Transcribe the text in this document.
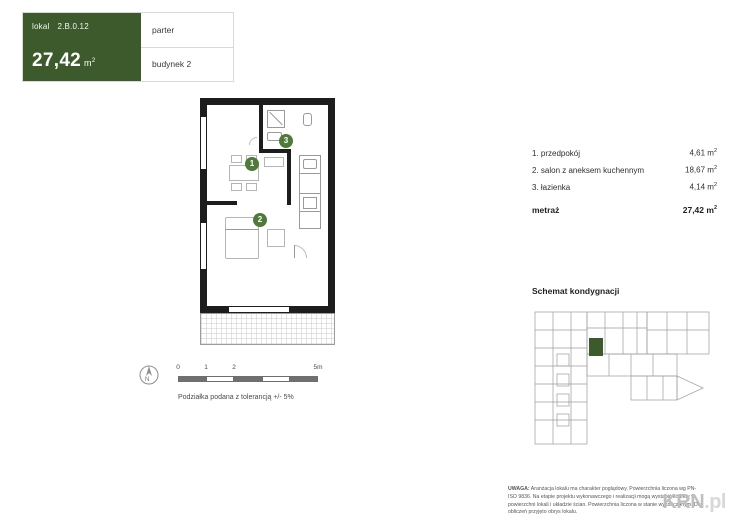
lokal 2.B.0.12
27,42 $m^2$
parter
budynek 2
1
2
3
N
0	1	2	5m
Podziałka podana z tolerancją +/- 5%
1. przedpokój	4,61 $m^2$
2. salon z aneksem kuchennym	18,67 $m^2$
3. łazienka	4,14 $m^2$
metraż	27,42 $m^2$
Schemat kondygnacji
UWAGA: Aranżacja lokalu ma charakter poglądowy. Powierzchnia liczona wg PN-ISO 9836. Na etapie projektu wykonawczego i realizacji mogą wystąpić korekty w powierzchni lokali i układzie ścian. Powierzchnia liczona w stanie wykończonym. Do obliczeń przyjęto obrys lokalu.	KRN.pl
